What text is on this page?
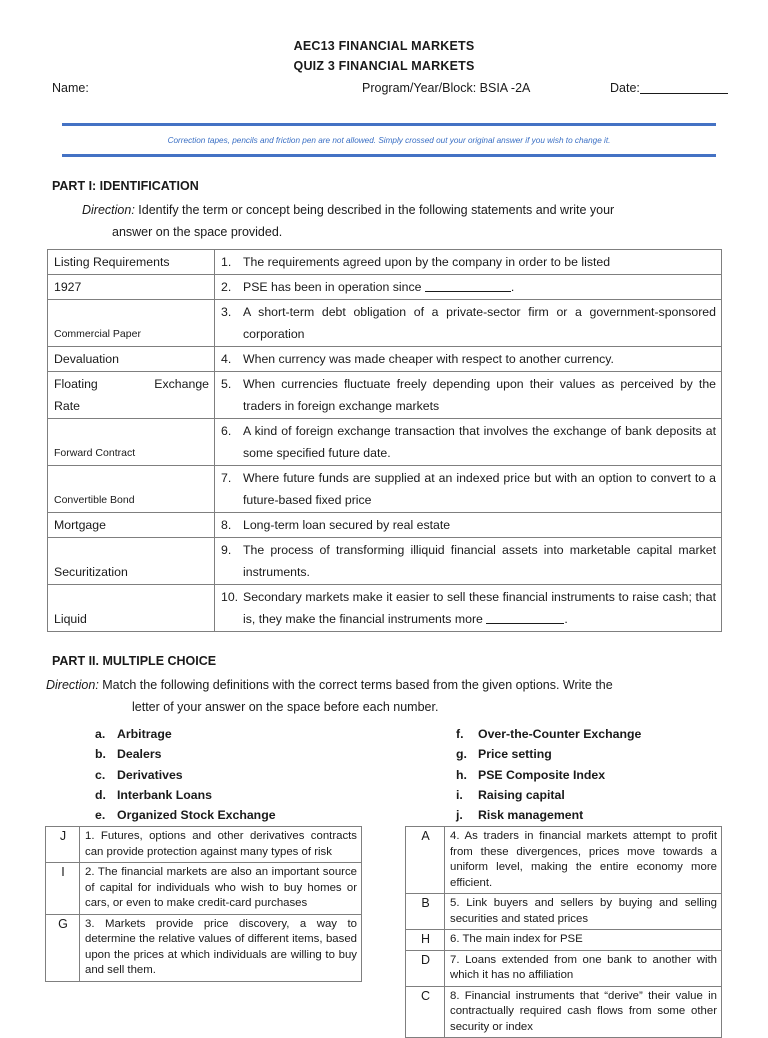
AEC13 FINANCIAL MARKETS
QUIZ 3 FINANCIAL MARKETS
Name:	Program/Year/Block: BSIA -2A	Date:
Correction tapes, pencils and friction pen are not allowed. Simply crossed out your original answer if you wish to change it.
PART I: IDENTIFICATION
Direction: Identify the term or concept being described in the following statements and write your
answer on the space provided.
Listing Requirements	1. The requirements agreed upon by the company in order to be listed

1927	2. PSE has been in operation since .

Commercial Paper	3. A short-term debt obligation of a private-sector firm or a government-sponsored corporation

Devaluation	4. When currency was made cheaper with respect to another currency.

Floating Exchange
Rate	5. When currencies fluctuate freely depending upon their values as perceived by the traders in foreign exchange markets

Forward Contract	6. A kind of foreign exchange transaction that involves the exchange of bank deposits at some specified future date.

Convertible Bond	7. Where future funds are supplied at an indexed price but with an option to convert to a future-based fixed price

Mortgage	8. Long-term loan secured by real estate

Securitization	9. The process of transforming illiquid financial assets into marketable capital market instruments.

Liquid	10. Secondary markets make it easier to sell these financial instruments to raise cash; that is, they make the financial instruments more .
PART II. MULTIPLE CHOICE
Direction: Match the following definitions with the correct terms based from the given options. Write the
letter of your answer on the space before each number.
a. Arbitrage
b. Dealers
c. Derivatives
d. Interbank Loans
e. Organized Stock Exchange
f. Over-the-Counter Exchange
g. Price setting
h. PSE Composite Index
i. Raising capital
j. Risk management
J	1. Futures, options and other derivatives contracts can provide protection against many types of risk
I	2. The financial markets are also an important source of capital for individuals who wish to buy homes or cars, or even to make credit-card purchases
G	3. Markets provide price discovery, a way to determine the relative values of different items, based upon the prices at which individuals are willing to buy and sell them.
A	4. As traders in financial markets attempt to profit from these divergences, prices move towards a uniform level, making the entire economy more efficient.
B	5. Link buyers and sellers by buying and selling securities and stated prices
H	6. The main index for PSE
D	7. Loans extended from one bank to another with which it has no affiliation
C	8. Financial instruments that “derive” their value in contractually required cash flows from some other security or index
